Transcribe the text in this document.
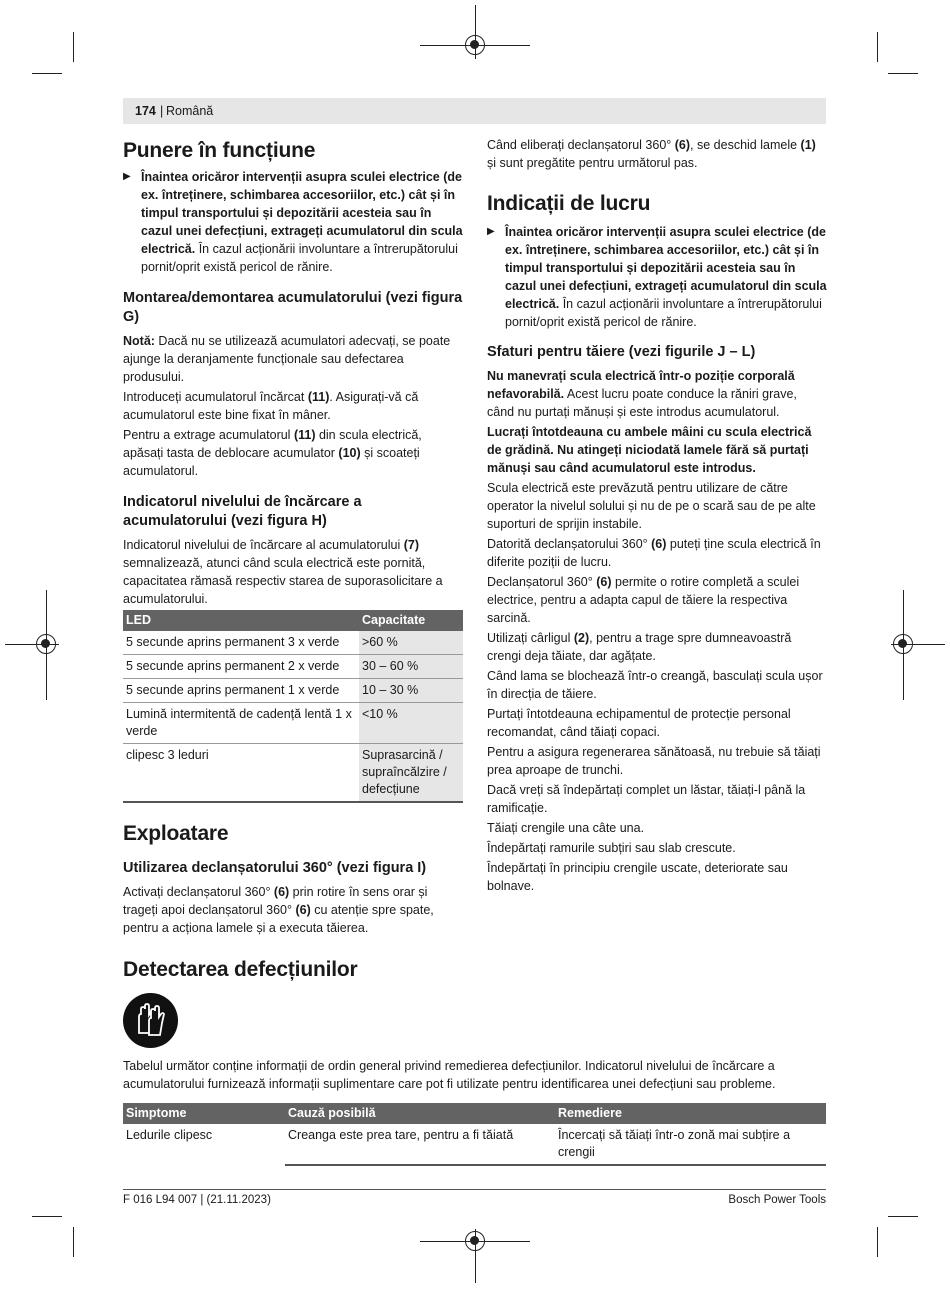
174 | Română
Punere în funcțiune

▶ Înaintea oricăror intervenții asupra sculei electrice (de ex. întreținere, schimbarea accesoriilor, etc.) cât și în timpul transportului și depozitării acesteia sau în cazul unei defecțiuni, extrageți acumulatorul din scula electrică. În cazul acționării involuntare a întrerupătorului pornit/oprit există pericol de rănire.

Montarea/demontarea acumulatorului (vezi figura G)

Notă: Dacă nu se utilizează acumulatori adecvați, se poate ajunge la deranjamente funcționale sau defectarea produsului.

Introduceți acumulatorul încărcat (11). Asigurați-vă că acumulatorul este bine fixat în mâner.

Pentru a extrage acumulatorul (11) din scula electrică, apăsați tasta de deblocare acumulator (10) și scoateți acumulatorul.

Indicatorul nivelului de încărcare a acumulatorului (vezi figura H)

Indicatorul nivelului de încărcare al acumulatorului (7) semnalizează, atunci când scula electrică este pornită, capacitatea rămasă respectiv starea de suporasolicitare a acumulatorului.

LED	Capacitate
5 secunde aprins permanent 3 x verde	>60 %
5 secunde aprins permanent 2 x verde	30 – 60 %
5 secunde aprins permanent 1 x verde	10 – 30 %
Lumină intermitentă de cadență lentă 1 x verde	<10 %
clipesc 3 leduri	Suprasarcină / supraîncălzire / defecțiune
Exploatare
Utilizarea declanșatorului 360° (vezi figura I)

Activați declanșatorul 360° (6) prin rotire în sens orar și trageți apoi declanșatorul 360° (6) cu atenție spre spate, pentru a acționa lamele și a executa tăierea.

Când eliberați declanșatorul 360° (6), se deschid lamele (1) și sunt pregătite pentru următorul pas.

Indicații de lucru

▶ Înaintea oricăror intervenții asupra sculei electrice (de ex. întreținere, schimbarea accesoriilor, etc.) cât și în timpul transportului și depozitării acesteia sau în cazul unei defecțiuni, extrageți acumulatorul din scula electrică. În cazul acționării involuntare a întrerupătorului pornit/oprit există pericol de rănire.

Sfaturi pentru tăiere (vezi figurile J – L)

Nu manevrați scula electrică într-o poziție corporală nefavorabilă. Acest lucru poate conduce la răniri grave, când nu purtați mănuși și este introdus acumulatorul.

Lucrați întotdeauna cu ambele mâini cu scula electrică de grădină. Nu atingeți niciodată lamele fără să purtați mănuși sau când acumulatorul este introdus.

Scula electrică este prevăzută pentru utilizare de către operator la nivelul solului și nu de pe o scară sau de pe alte suporturi de sprijin instabile.

Datorită declanșatorului 360° (6) puteți ține scula electrică în diferite poziții de lucru.

Declanșatorul 360° (6) permite o rotire completă a sculei electrice, pentru a adapta capul de tăiere la respectiva sarcină.

Utilizați cârligul (2), pentru a trage spre dumneavoastră crengi deja tăiate, dar agățate.

Când lama se blochează într-o creangă, basculați scula ușor în direcția de tăiere.

Purtați întotdeauna echipamentul de protecție personal recomandat, când tăiați copaci.

Pentru a asigura regenerarea sănătoasă, nu trebuie să tăiați prea aproape de trunchi.

Dacă vreți să îndepărtați complet un lăstar, tăiați-l până la ramificație.

Tăiați crengile una câte una.

Îndepărtați ramurile subțiri sau slab crescute.

Îndepărtați în principiu crengile uscate, deteriorate sau bolnave.

Detectarea defecțiunilor

Tabelul următor conține informații de ordin general privind remedierea defecțiunilor. Indicatorul nivelului de încărcare a acumulatorului furnizează informații suplimentare care pot fi utilizate pentru identificarea unei defecțiuni sau probleme.

Simptome	Cauză posibilă	Remediere
Ledurile clipesc	Creanga este prea tare, pentru a fi tăiată	Încercați să tăiați într-o zonă mai subțire a crengii
F 016 L94 007 | (21.11.2023)	Bosch Power Tools
